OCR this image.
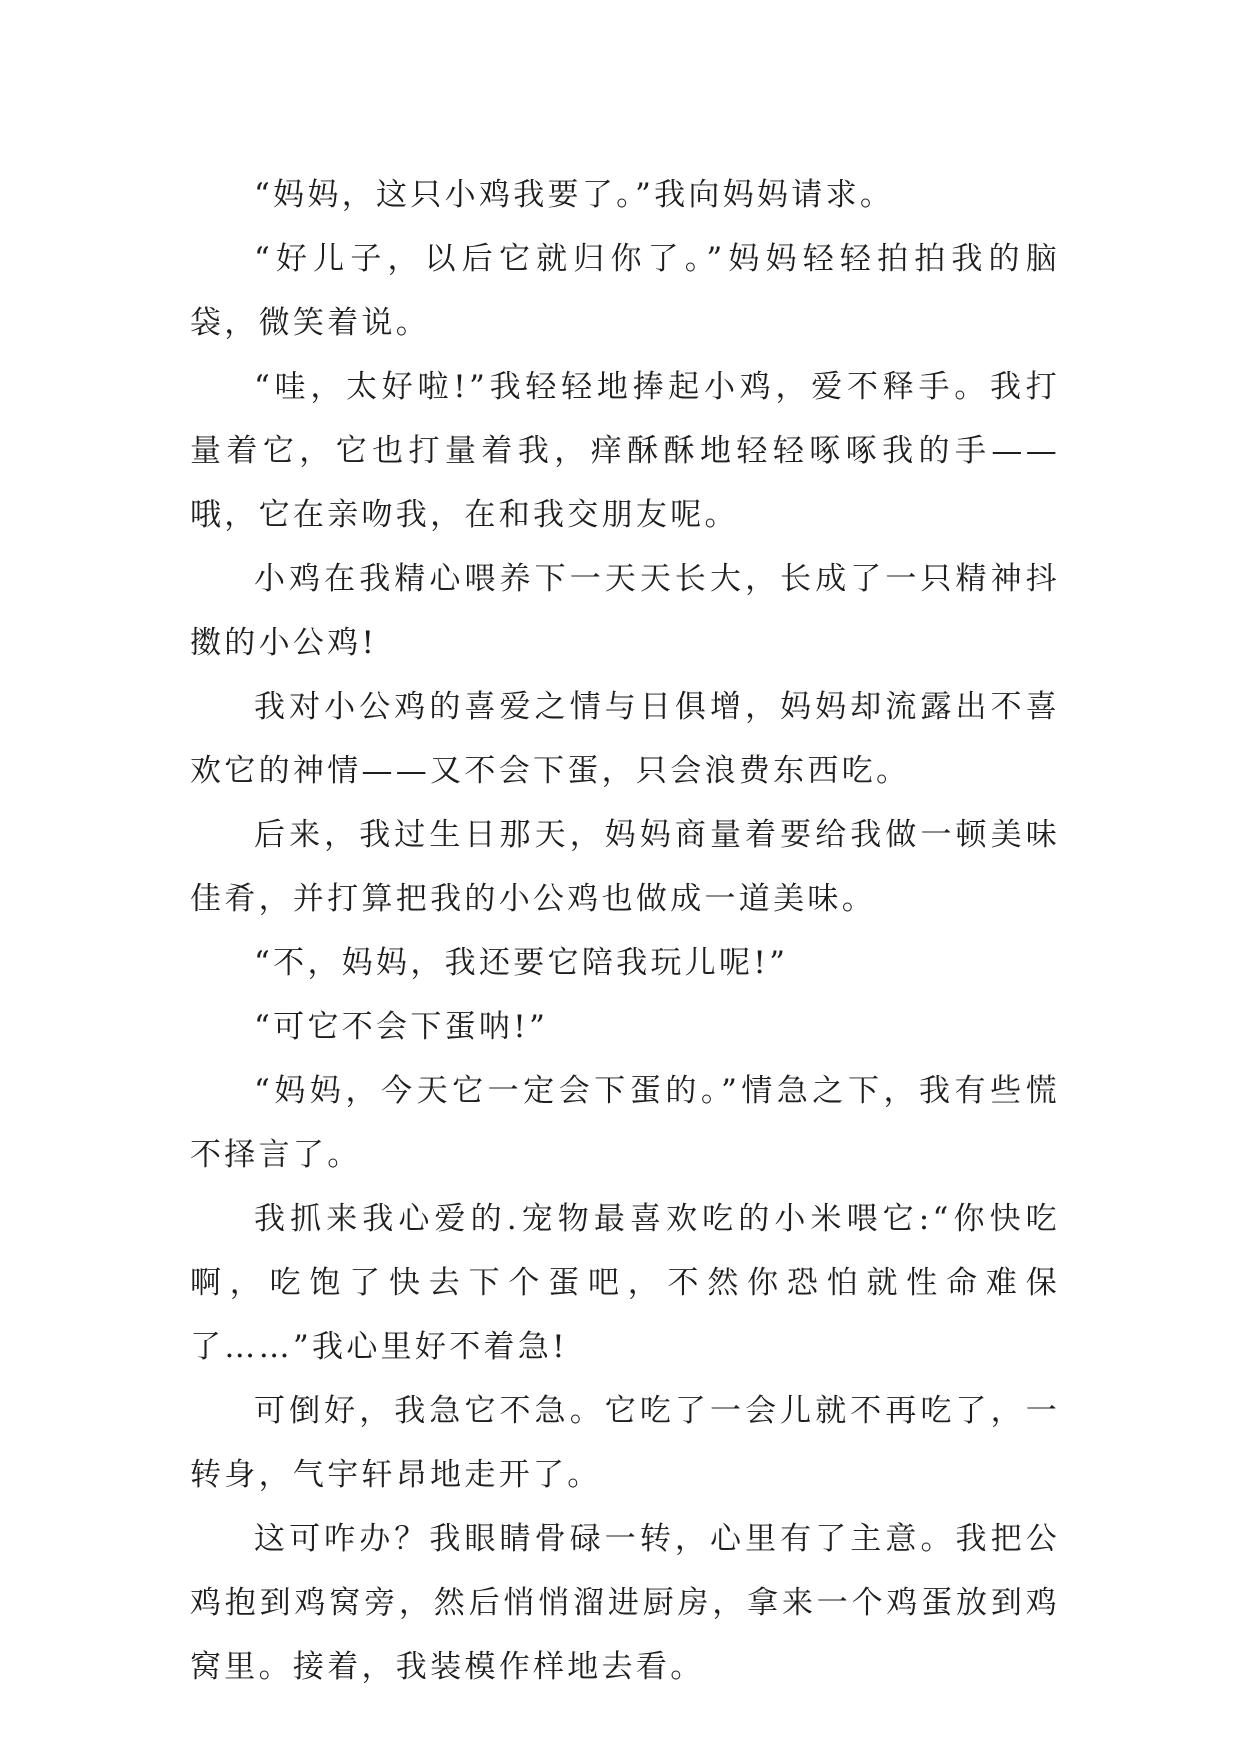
“妈妈，这只小鸡我要了。”我向妈妈请求。

“好儿子，以后它就归你了。”妈妈轻轻拍拍我的脑袋，微笑着说。

“哇，太好啦!”我轻轻地捧起小鸡，爱不释手。我打量着它，它也打量着我，痒酥酥地轻轻啄啄我的手——哦，它在亲吻我，在和我交朋友呢。

小鸡在我精心喂养下一天天长大，长成了一只精神抖擞的小公鸡!

我对小公鸡的喜爱之情与日俱增，妈妈却流露出不喜欢它的神情——又不会下蛋，只会浪费东西吃。

后来，我过生日那天，妈妈商量着要给我做一顿美味佳肴，并打算把我的小公鸡也做成一道美味。

“不，妈妈，我还要它陪我玩儿呢!”

“可它不会下蛋呐!”

“妈妈，今天它一定会下蛋的。”情急之下，我有些慌不择言了。

我抓来我心爱的.宠物最喜欢吃的小米喂它:“你快吃啊，吃饱了快去下个蛋吧，不然你恐怕就性命难保了……”我心里好不着急!

可倒好，我急它不急。它吃了一会儿就不再吃了，一转身，气宇轩昂地走开了。

这可咋办？我眼睛骨碌一转，心里有了主意。我把公鸡抱到鸡窝旁，然后悄悄溜进厨房，拿来一个鸡蛋放到鸡窝里。接着，我装模作样地去看。
